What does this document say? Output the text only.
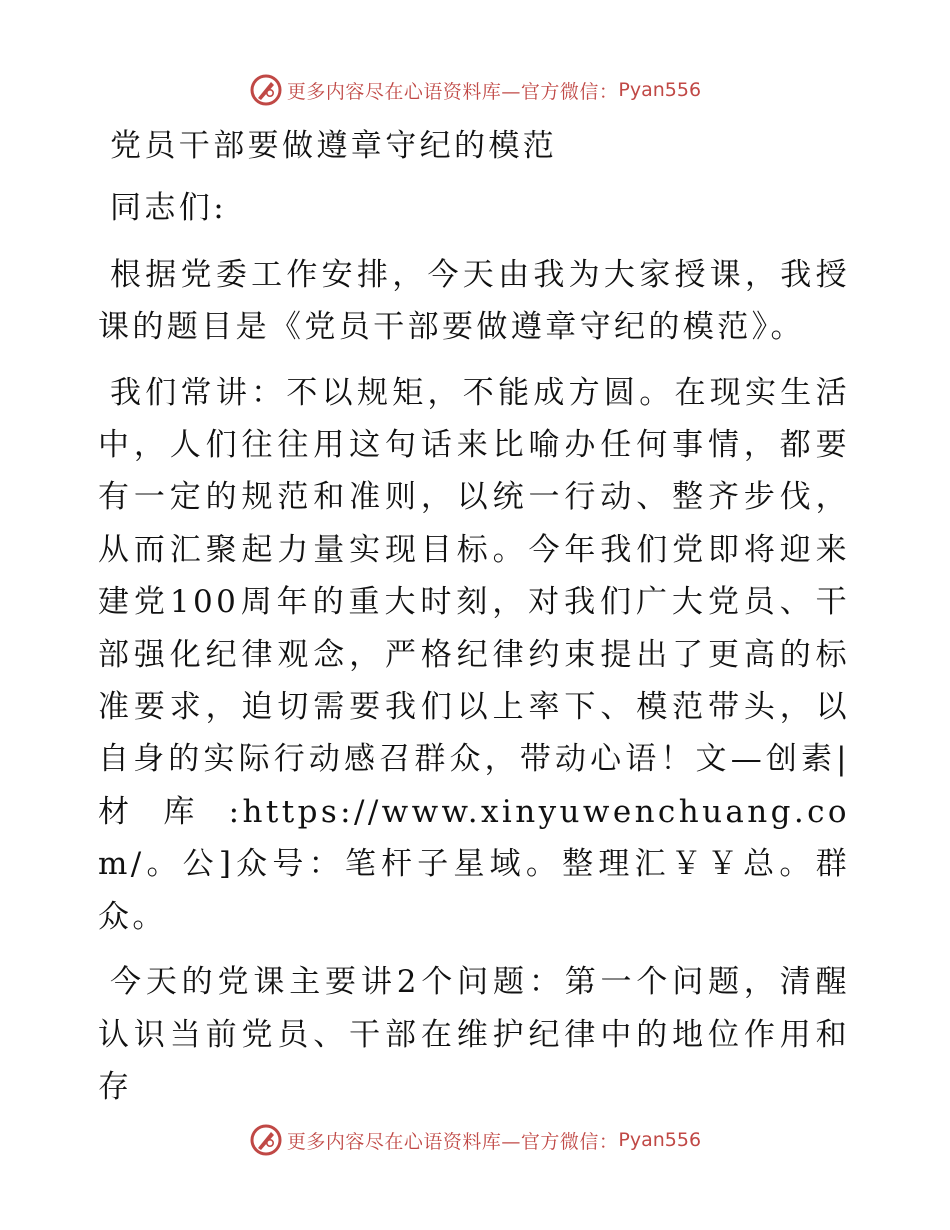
更多内容尽在心语资料库—官方微信： Pyan556

党员干部要做遵章守纪的模范

同志们:

根据党委工作安排，今天由我为大家授课，我授课的题目是《党员干部要做遵章守纪的模范》。

我们常讲：不以规矩，不能成方圆。在现实生活中，人们往往用这句话来比喻办任何事情，都要有一定的规范和准则，以统一行动、整齐步伐，从而汇聚起力量实现目标。今年我们党即将迎来建党100周年的重大时刻，对我们广大党员、干部强化纪律观念，严格纪律约束提出了更高的标准要求，迫切需要我们以上率下、模范带头，以自身的实际行动感召群众，带动心语！文—创素|材库:https://www.xinyuwenchuang.com/。公]众号：笔杆子星域。整理汇￥￥总。群众。

今天的党课主要讲2个问题：第一个问题，清醒认识当前党员、干部在维护纪律中的地位作用和存

更多内容尽在心语资料库—官方微信： Pyan556
